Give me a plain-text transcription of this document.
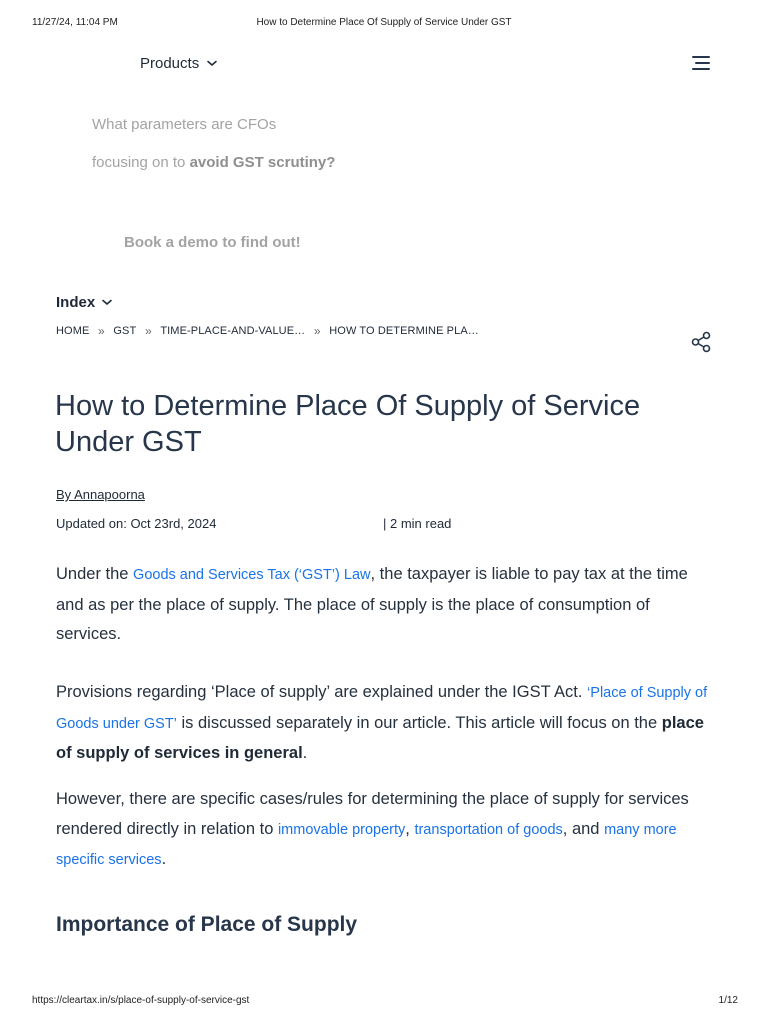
11/27/24, 11:04 PM	How to Determine Place Of Supply of Service Under GST
Products
What parameters are CFOs
focusing on to avoid GST scrutiny?
Book a demo to find out!
Index
HOME » GST » TIME-PLACE-AND-VALUE… » HOW TO DETERMINE PLA…
How to Determine Place Of Supply of Service Under GST
By Annapoorna
Updated on: Oct 23rd, 2024	| 2 min read

Under the Goods and Services Tax (‘GST’) Law, the taxpayer is liable to pay tax at the time and as per the place of supply. The place of supply is the place of consumption of services.

Provisions regarding ‘Place of supply’ are explained under the IGST Act. ‘Place of Supply of Goods under GST’ is discussed separately in our article. This article will focus on the place of supply of services in general.

However, there are specific cases/rules for determining the place of supply for services rendered directly in relation to immovable property, transportation of goods, and many more specific services.

Importance of Place of Supply
https://cleartax.in/s/place-of-supply-of-service-gst	1/12
